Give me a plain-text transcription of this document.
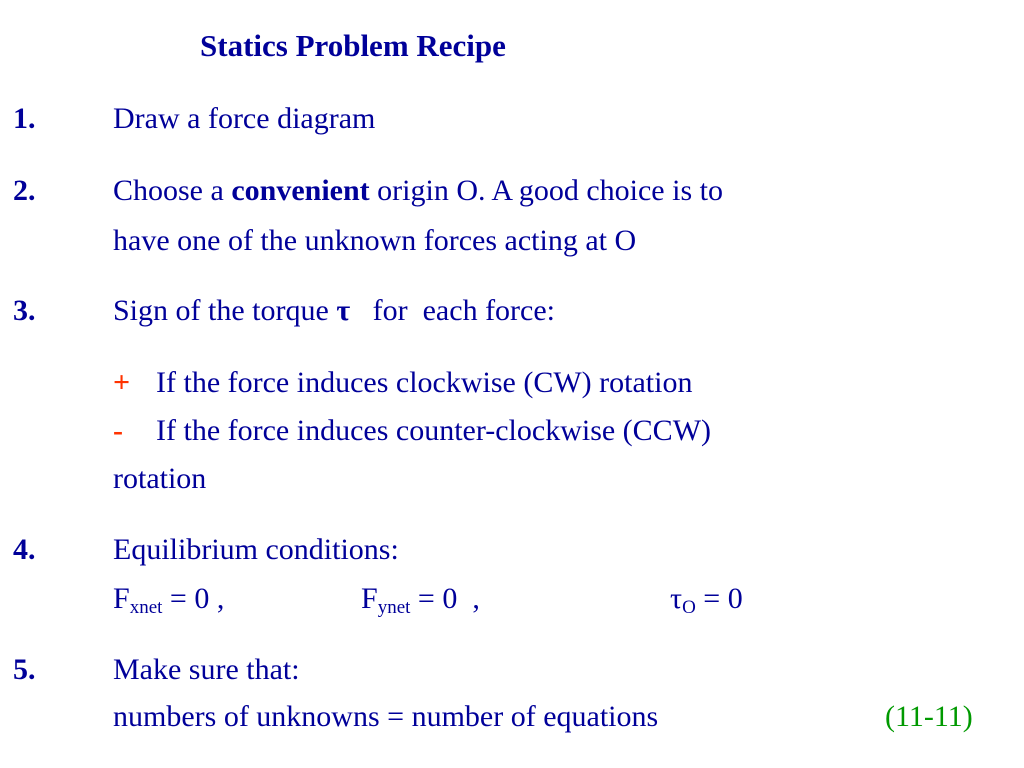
Statics Problem Recipe
1.	Draw a force diagram
2.	Choose a convenient origin O. A good choice is to
have one of the unknown forces acting at O
3.	Sign of the torque τ   for  each force:
+ If the force induces clockwise (CW) rotation
- If the force induces counter-clockwise (CCW)
rotation
4.	Equilibrium conditions:
$F_{xnet} = 0$ ,	$F_{ynet} = 0$  ,	$\tau_O = 0$
5.	Make sure that:
numbers of unknowns = number of equations	(11-11)
